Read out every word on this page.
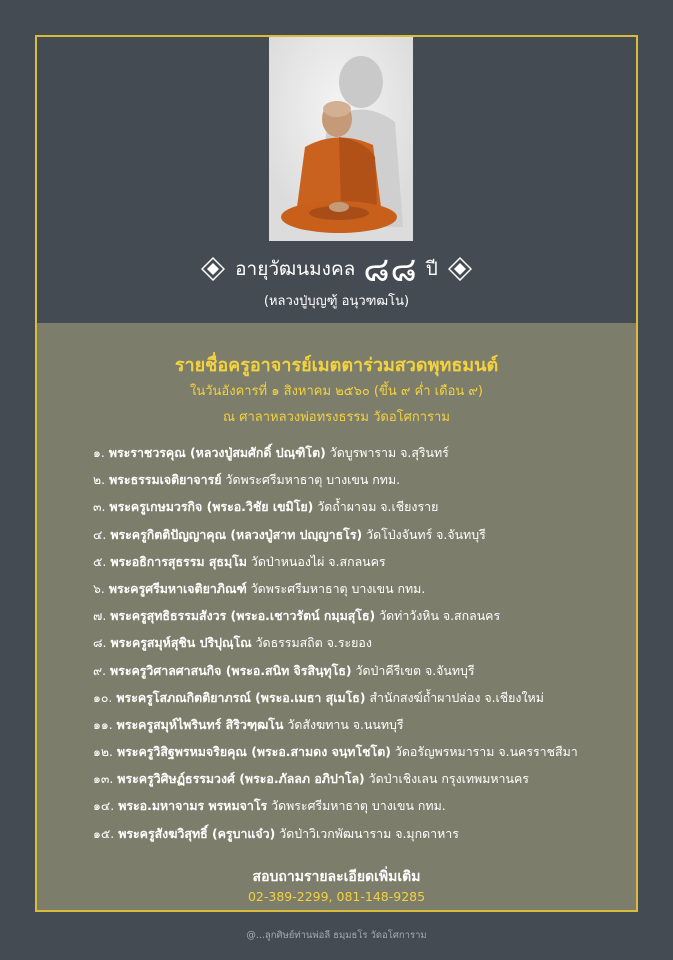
อายุวัฒนมงคล ๘๘ ปี
(หลวงปู่บุญฑู้ อนุวฑฒโน)
รายชื่อครูอาจารย์เมตตาร่วมสวดพุทธมนต์
ในวันอังคารที่ ๑ สิงหาคม ๒๕๖๐ (ขึ้น ๙ ค่ำ เดือน ๙)
ณ ศาลาหลวงพ่อทรงธรรม วัดอโศการาม
๑. พระราชวรคุณ (หลวงปู่สมศักดิ์ ปณฺฑิโต) วัดบูรพาราม จ.สุรินทร์
๒. พระธรรมเจติยาจารย์ วัดพระศรีมหาธาตุ บางเขน กทม.
๓. พระครูเกษมวรกิจ (พระอ.วิชัย เขมิโย) วัดถ้ำผาจม จ.เชียงราย
๔. พระครูกิตติปัญญาคุณ (หลวงปู่สาท ปญฺญาธโร) วัดโป่งจันทร์ จ.จันทบุรี
๕. พระอธิการสุธรรม สุธมฺโม วัดป่าหนองไผ่ จ.สกลนคร
๖. พระครูศรีมหาเจติยาภิณฑ์ วัดพระศรีมหาธาตุ บางเขน กทม.
๗. พระครูสุทธิธรรมสังวร (พระอ.เชาวรัตน์ กมฺมสุโธ) วัดท่าวังหิน จ.สกลนคร
๘. พระครูสมุห์สุชิน ปริปุณฺโณ วัดธรรมสถิต จ.ระยอง
๙. พระครูวิศาลศาสนกิจ (พระอ.สนิท จิรสินฺทุโธ) วัดป่าคีรีเขต จ.จันทบุรี
๑๐. พระครูโสภณกิตติยาภรณ์ (พระอ.เมธา สุเมโธ) สำนักสงฆ์ถ้ำผาปล่อง จ.เชียงใหม่
๑๑. พระครูสมุห์ไพรินทร์ สิริวฑฺฒโน วัดสังฆทาน จ.นนทบุรี
๑๒. พระครูวิสิฐพรหมจริยคุณ (พระอ.สามดง จนฺทโชโต) วัดอรัญพรหมาราม จ.นครราชสีมา
๑๓. พระครูวิศิษฏ์ธรรมวงศ์ (พระอ.ภัลลภ อภิปาโล) วัดป่าเชิงเลน กรุงเทพมหานคร
๑๔. พระอ.มหาจามร พรหมจาโร วัดพระศรีมหาธาตุ บางเขน กทม.
๑๕. พระครูสังฆวิสุทธิ์ (ครูบาแจ๋ว) วัดป่าวิเวกพัฒนาราม จ.มุกดาหาร
สอบถามรายละเอียดเพิ่มเติม
02-389-2299, 081-148-9285
@...ลูกศิษย์ท่านพ่อลี ธมฺมธโร วัดอโศการาม
